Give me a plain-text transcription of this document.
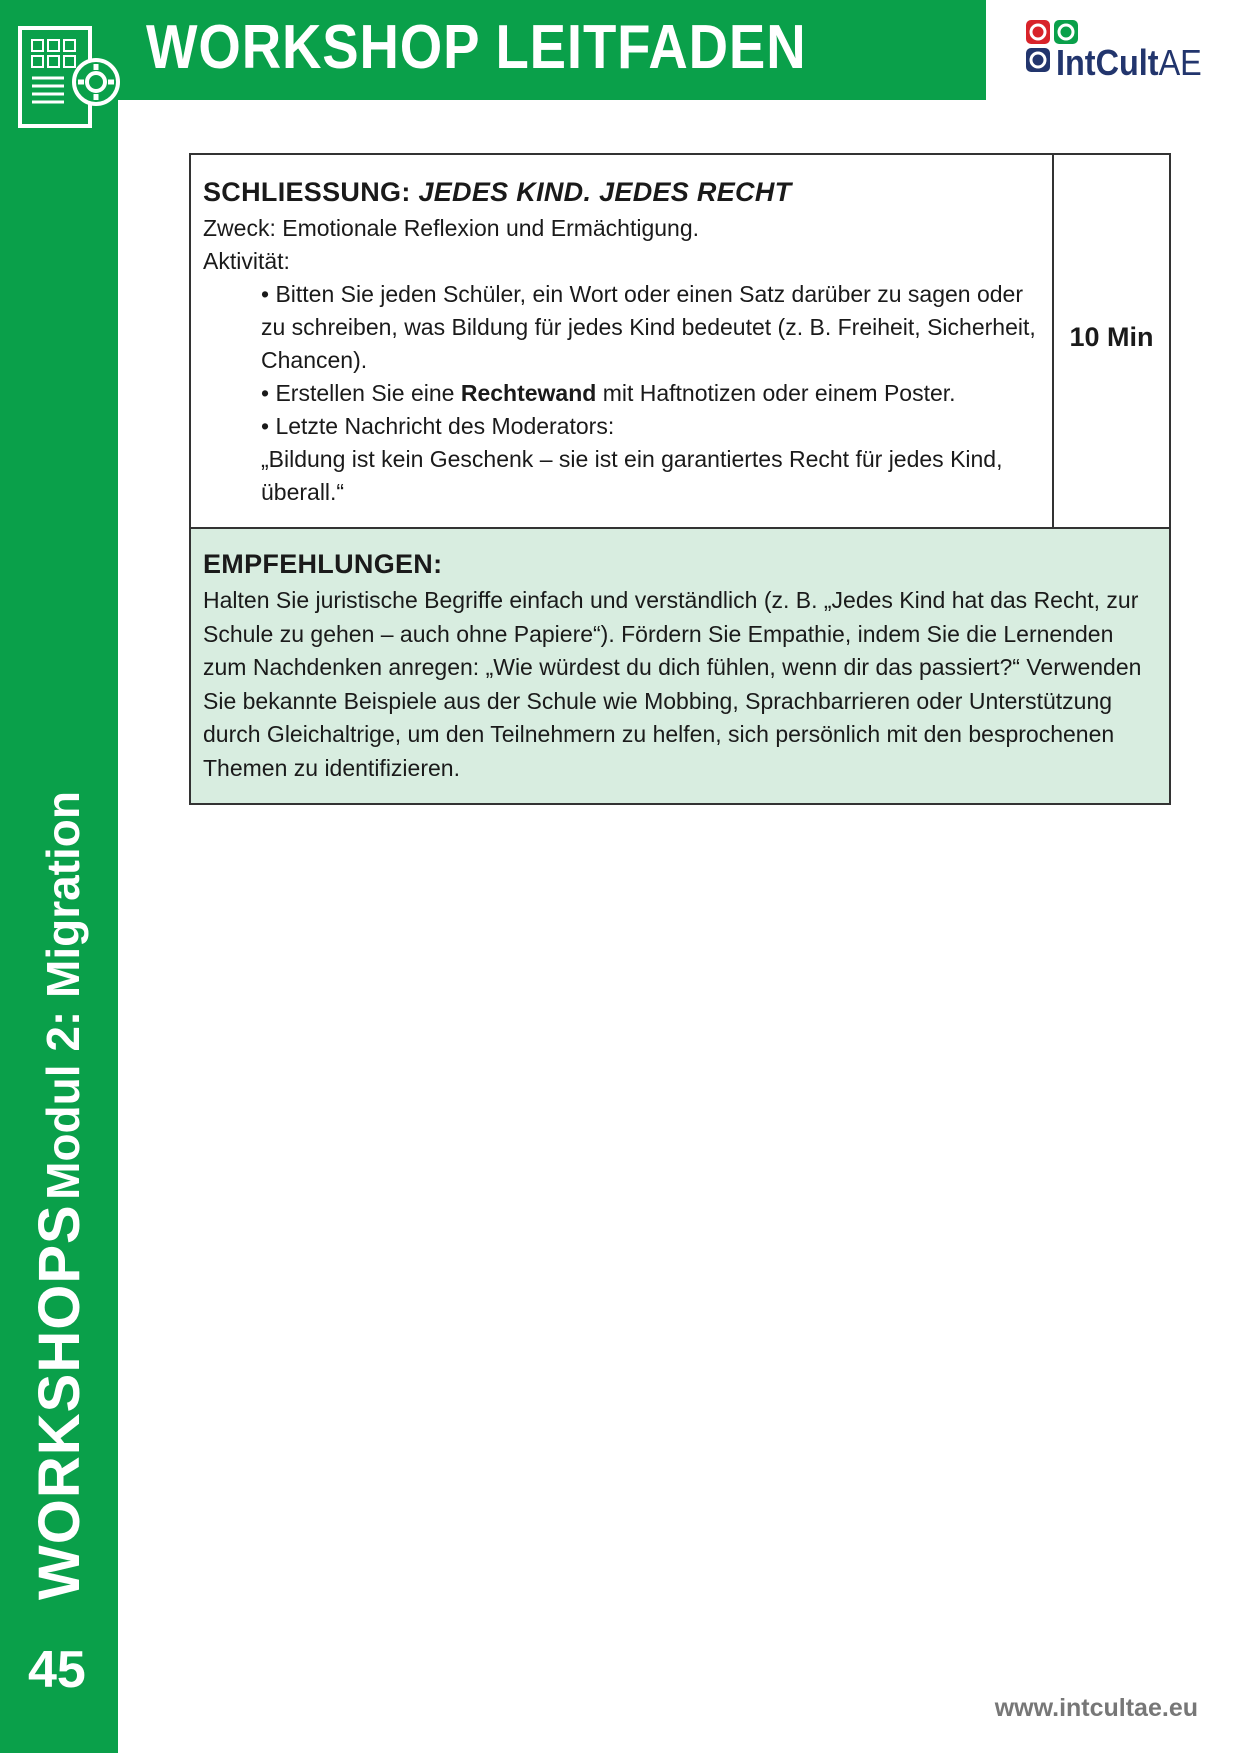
WORKSHOP LEITFADEN	IntCultAE
WORKSHOPS Modul 2: Migration
45
SCHLIESSUNG: JEDES KIND. JEDES RECHT
Zweck: Emotionale Reflexion und Ermächtigung.
Aktivität:
• Bitten Sie jeden Schüler, ein Wort oder einen Satz darüber zu sagen oder zu schreiben, was Bildung für jedes Kind bedeutet (z. B. Freiheit, Sicherheit, Chancen).
• Erstellen Sie eine Rechtewand mit Haftnotizen oder einem Poster.
• Letzte Nachricht des Moderators:
„Bildung ist kein Geschenk – sie ist ein garantiertes Recht für jedes Kind, überall.“
10 Min
EMPFEHLUNGEN:
Halten Sie juristische Begriffe einfach und verständlich (z. B. „Jedes Kind hat das Recht, zur Schule zu gehen – auch ohne Papiere“). Fördern Sie Empathie, indem Sie die Lernenden zum Nachdenken anregen: „Wie würdest du dich fühlen, wenn dir das passiert?“ Verwenden Sie bekannte Beispiele aus der Schule wie Mobbing, Sprachbarrieren oder Unterstützung durch Gleichaltrige, um den Teilnehmern zu helfen, sich persönlich mit den besprochenen Themen zu identifizieren.
www.intcultae.eu
